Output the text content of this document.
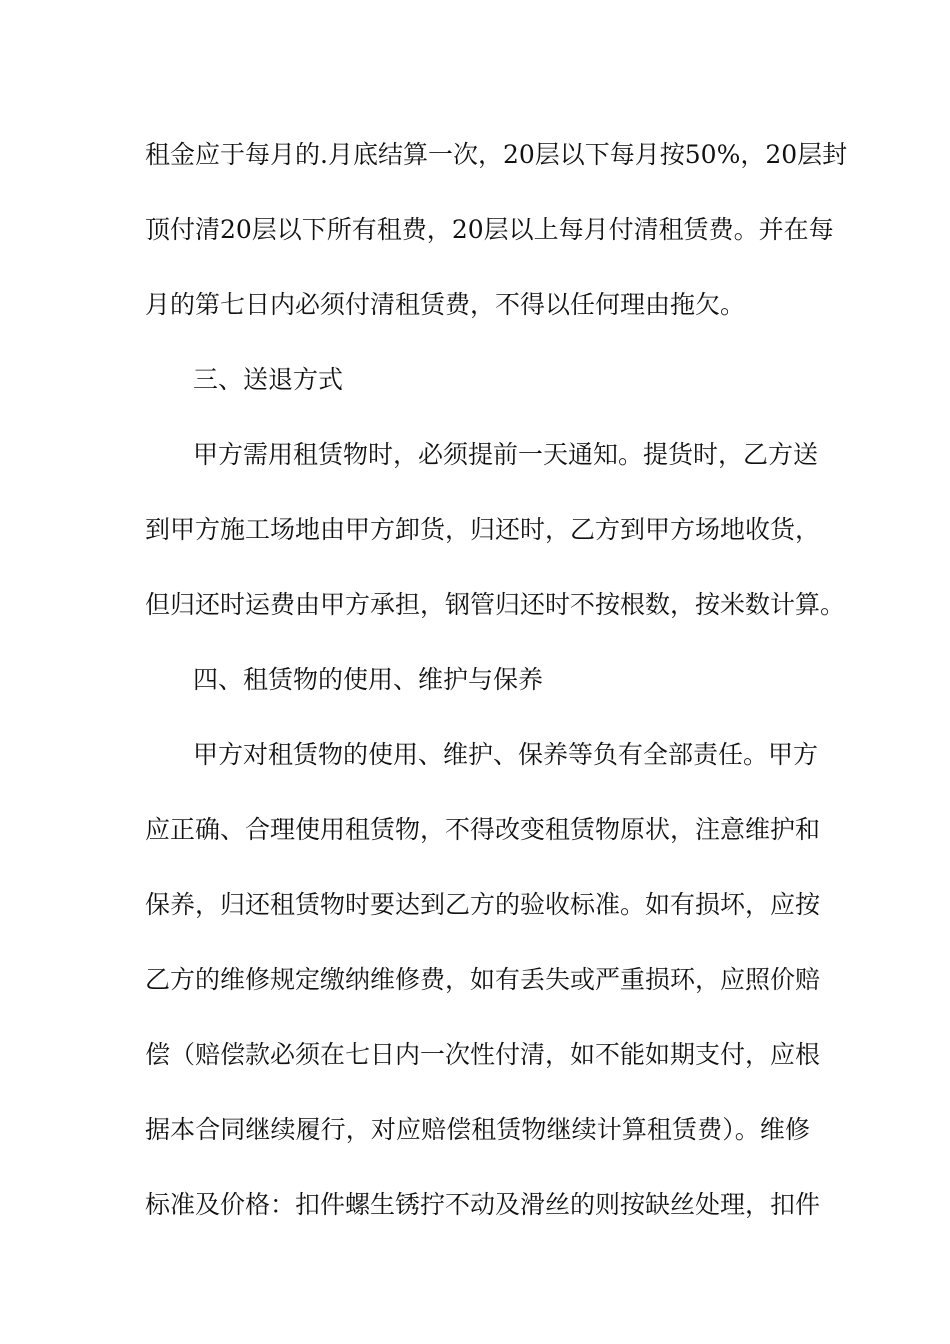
租金应于每月的.月底结算一次，20层以下每月按50%，20层封
顶付清20层以下所有租费，20层以上每月付清租赁费。并在每
月的第七日内必须付清租赁费，不得以任何理由拖欠。
三、送退方式
甲方需用租赁物时，必须提前一天通知。提货时，乙方送
到甲方施工场地由甲方卸货，归还时，乙方到甲方场地收货，
但归还时运费由甲方承担，钢管归还时不按根数，按米数计算。
四、租赁物的使用、维护与保养
甲方对租赁物的使用、维护、保养等负有全部责任。甲方
应正确、合理使用租赁物，不得改变租赁物原状，注意维护和
保养，归还租赁物时要达到乙方的验收标准。如有损坏，应按
乙方的维修规定缴纳维修费，如有丢失或严重损环，应照价赔
偿（赔偿款必须在七日内一次性付清，如不能如期支付，应根
据本合同继续履行，对应赔偿租赁物继续计算租赁费）。维修
标准及价格：扣件螺生锈拧不动及滑丝的则按缺丝处理，扣件
